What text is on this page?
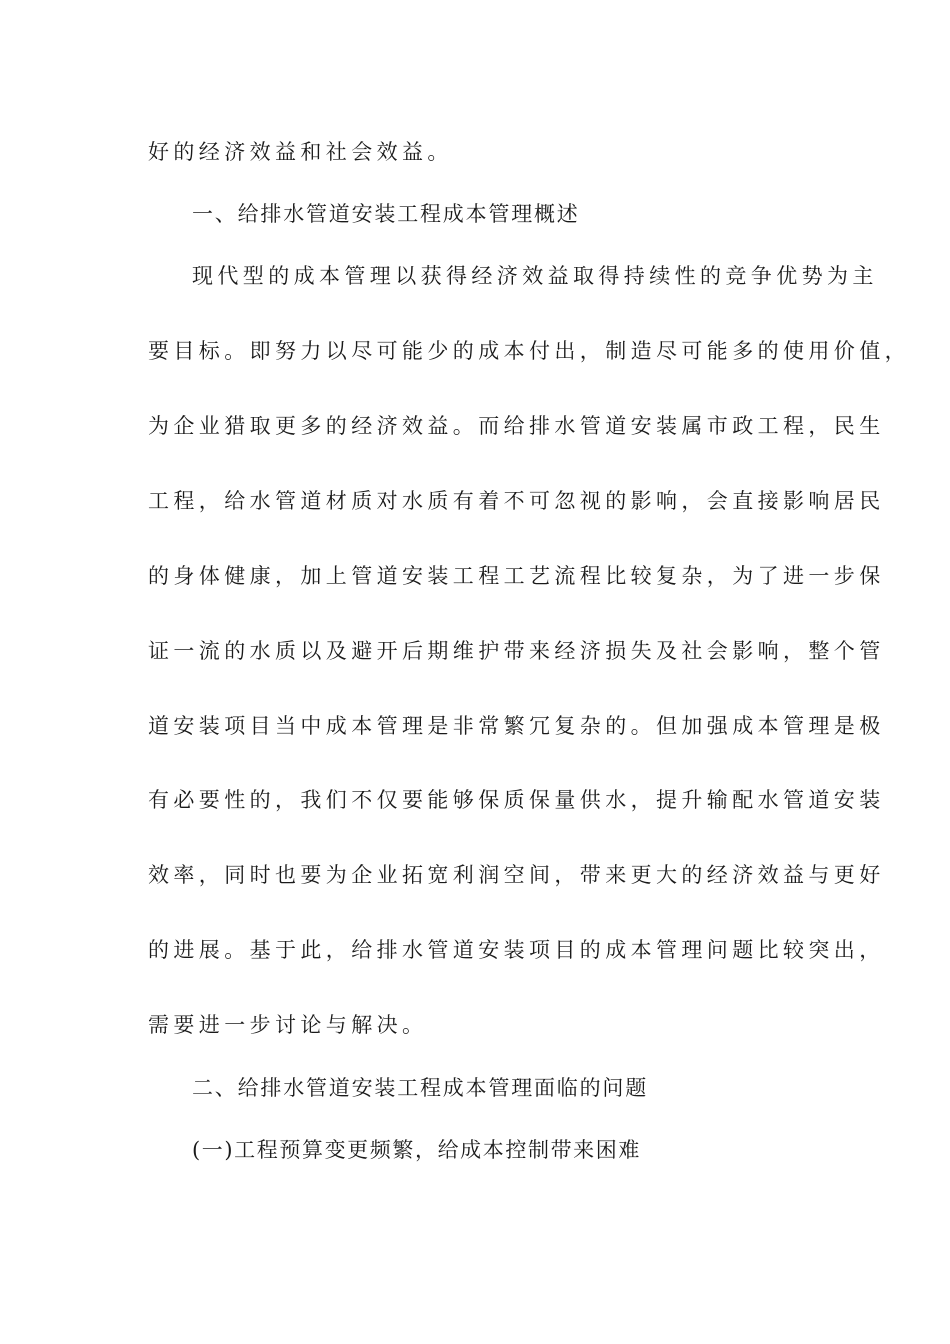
好的经济效益和社会效益。
一、给排水管道安装工程成本管理概述
现代型的成本管理以获得经济效益取得持续性的竞争优势为主
要目标。即努力以尽可能少的成本付出，制造尽可能多的使用价值，
为企业猎取更多的经济效益。而给排水管道安装属市政工程，民生
工程，给水管道材质对水质有着不可忽视的影响，会直接影响居民
的身体健康，加上管道安装工程工艺流程比较复杂，为了进一步保
证一流的水质以及避开后期维护带来经济损失及社会影响，整个管
道安装项目当中成本管理是非常繁冗复杂的。但加强成本管理是极
有必要性的，我们不仅要能够保质保量供水，提升输配水管道安装
效率，同时也要为企业拓宽利润空间，带来更大的经济效益与更好
的进展。基于此，给排水管道安装项目的成本管理问题比较突出，
需要进一步讨论与解决。
二、给排水管道安装工程成本管理面临的问题
(一)工程预算变更频繁，给成本控制带来困难
